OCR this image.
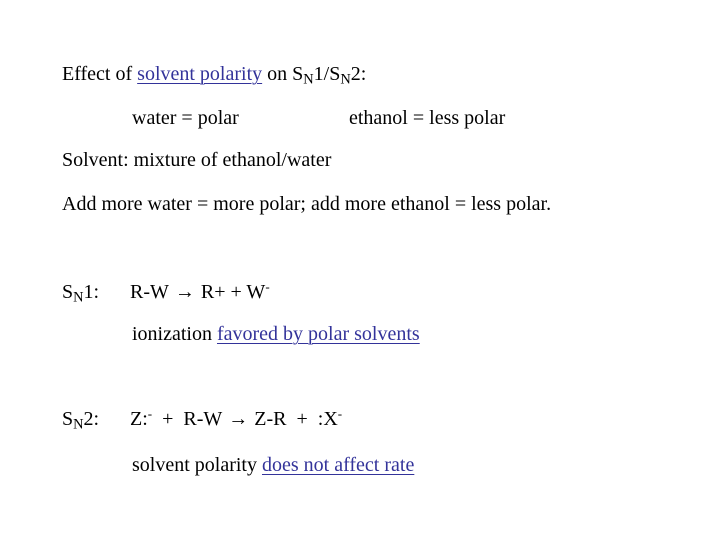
Effect of solvent polarity on $S_N1/S_N2$:
water = polar	ethanol = less polar
Solvent: mixture of ethanol/water
Add more water = more polar; add more ethanol = less polar.
$S_N1$: R-W → R+ + W-
ionization favored by polar solvents
$S_N2$: Z:-  +  R-W → Z-R  +  :X-
solvent polarity does not affect rate
